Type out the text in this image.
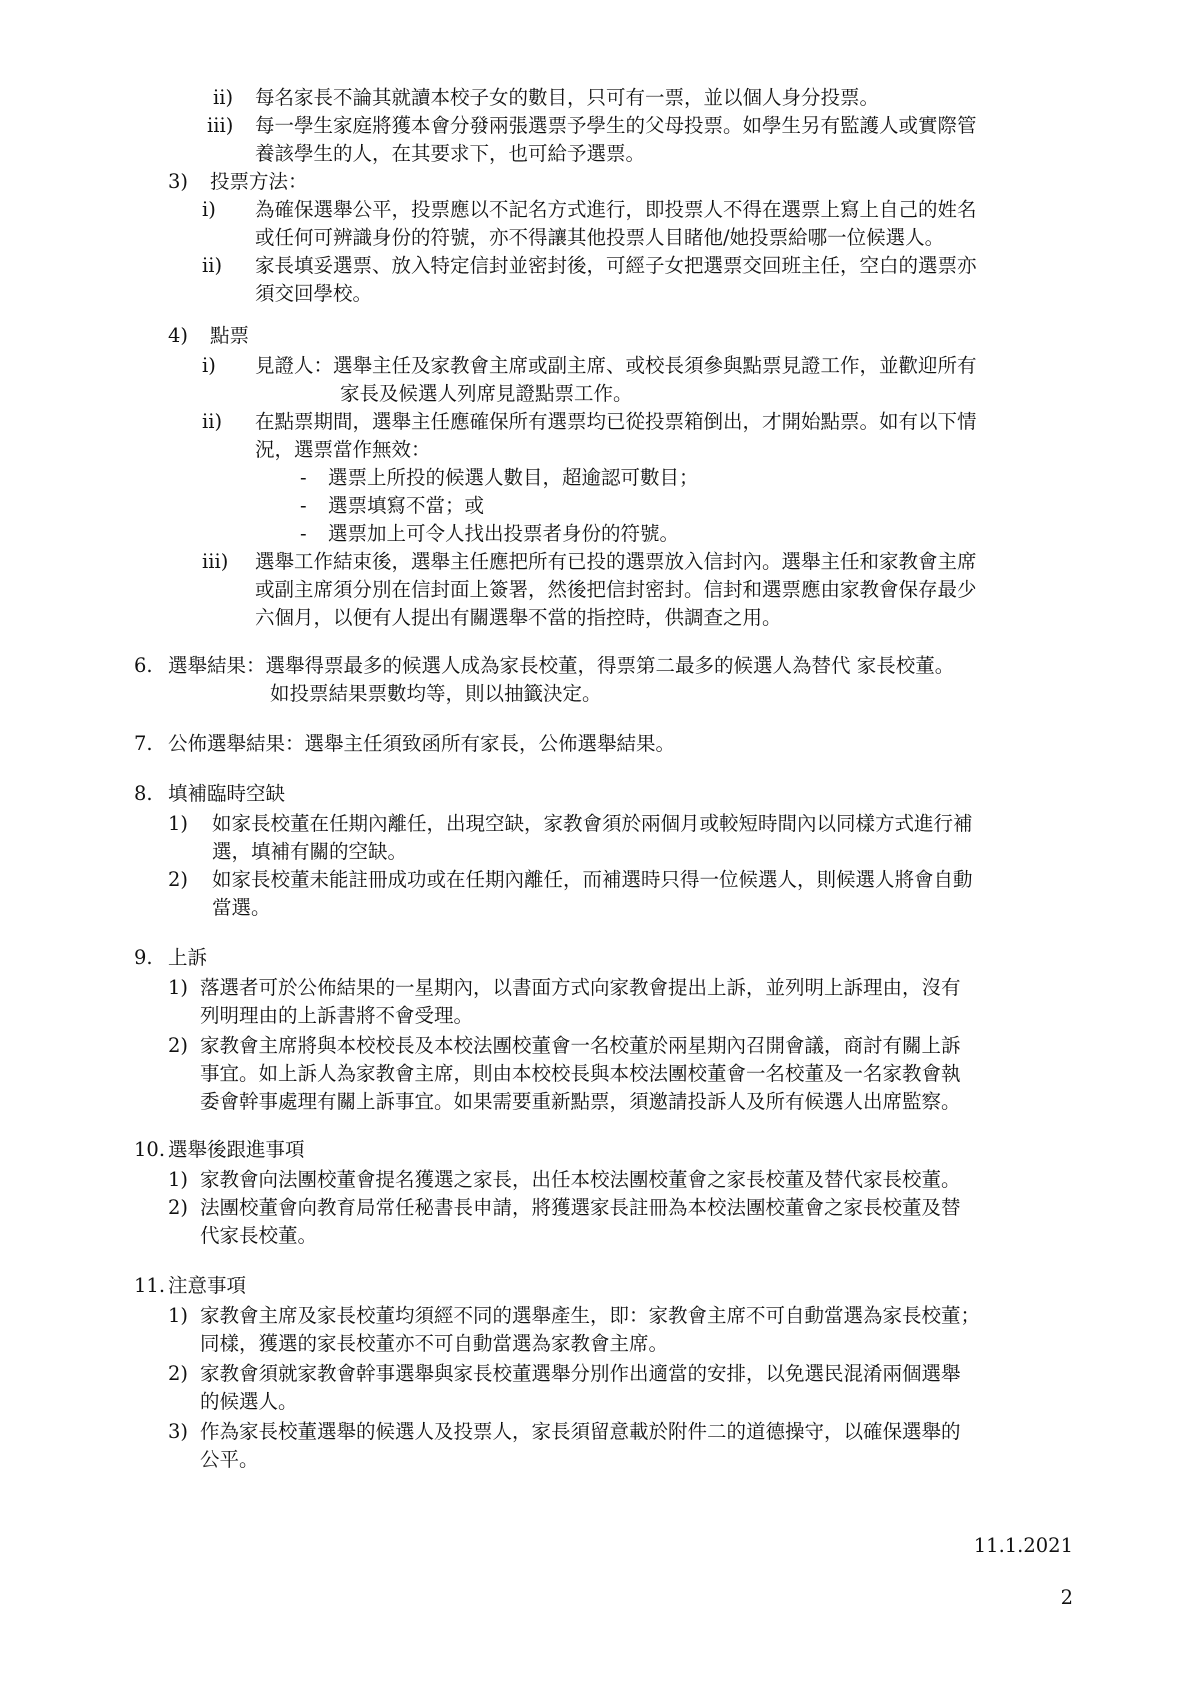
ii) 每名家長不論其就讀本校子女的數目，只可有一票，並以個人身分投票。
iii) 每一學生家庭將獲本會分發兩張選票予學生的父母投票。如學生另有監護人或實際管
養該學生的人，在其要求下，也可給予選票。
3) 投票方法：
i) 為確保選舉公平，投票應以不記名方式進行，即投票人不得在選票上寫上自己的姓名
或任何可辨識身份的符號，亦不得讓其他投票人目睹他/她投票給哪一位候選人。
ii) 家長填妥選票、放入特定信封並密封後，可經子女把選票交回班主任，空白的選票亦
須交回學校。
4) 點票
i) 見證人：選舉主任及家教會主席或副主席、或校長須參與點票見證工作，並歡迎所有
家長及候選人列席見證點票工作。
ii) 在點票期間，選舉主任應確保所有選票均已從投票箱倒出，才開始點票。如有以下情
況，選票當作無效：
- 選票上所投的候選人數目，超逾認可數目；
- 選票填寫不當；或
- 選票加上可令人找出投票者身份的符號。
iii) 選舉工作結束後，選舉主任應把所有已投的選票放入信封內。選舉主任和家教會主席
或副主席須分別在信封面上簽署，然後把信封密封。信封和選票應由家教會保存最少
六個月，以便有人提出有關選舉不當的指控時，供調查之用。
6. 選舉結果：選舉得票最多的候選人成為家長校董，得票第二最多的候選人為替代 家長校董。
如投票結果票數均等，則以抽籤決定。
7. 公佈選舉結果：選舉主任須致函所有家長，公佈選舉結果。
8. 填補臨時空缺
1) 如家長校董在任期內離任，出現空缺，家教會須於兩個月或較短時間內以同樣方式進行補
選，填補有關的空缺。
2) 如家長校董未能註冊成功或在任期內離任，而補選時只得一位候選人，則候選人將會自動
當選。
9. 上訴
1) 落選者可於公佈結果的一星期內，以書面方式向家教會提出上訴，並列明上訴理由，沒有
列明理由的上訴書將不會受理。
2) 家教會主席將與本校校長及本校法團校董會一名校董於兩星期內召開會議，商討有關上訴
事宜。如上訴人為家教會主席，則由本校校長與本校法團校董會一名校董及一名家教會執
委會幹事處理有關上訴事宜。如果需要重新點票，須邀請投訴人及所有候選人出席監察。
10. 選舉後跟進事項
1) 家教會向法團校董會提名獲選之家長，出任本校法團校董會之家長校董及替代家長校董。
2) 法團校董會向教育局常任秘書長申請，將獲選家長註冊為本校法團校董會之家長校董及替
代家長校董。
11. 注意事項
1) 家教會主席及家長校董均須經不同的選舉產生，即：家教會主席不可自動當選為家長校董；
同樣，獲選的家長校董亦不可自動當選為家教會主席。
2) 家教會須就家教會幹事選舉與家長校董選舉分別作出適當的安排，以免選民混淆兩個選舉
的候選人。
3) 作為家長校董選舉的候選人及投票人，家長須留意載於附件二的道德操守，以確保選舉的
公平。
11.1.2021
2
